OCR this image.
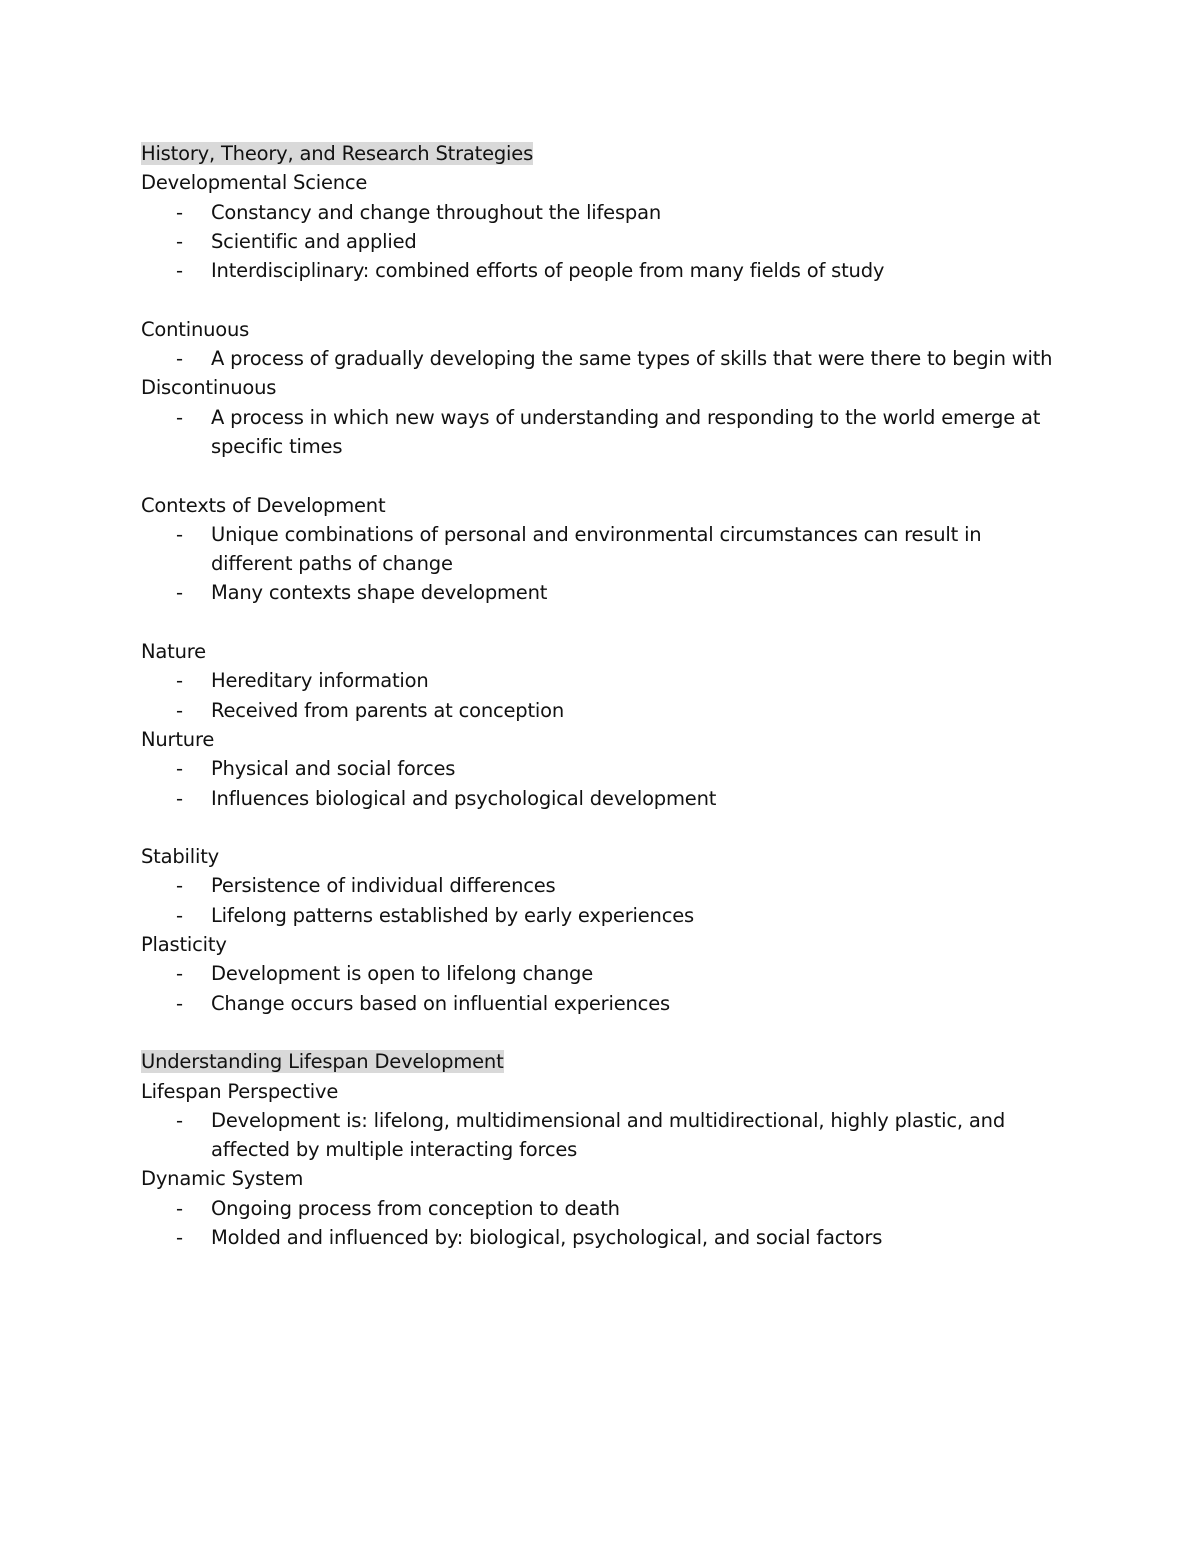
History, Theory, and Research Strategies

Developmental Science

- Constancy and change throughout the lifespan
- Scientific and applied
- Interdisciplinary: combined efforts of people from many fields of study

Continuous

- A process of gradually developing the same types of skills that were there to begin with

Discontinuous

- A process in which new ways of understanding and responding to the world emerge at specific times

Contexts of Development

- Unique combinations of personal and environmental circumstances can result in different paths of change
- Many contexts shape development

Nature

- Hereditary information
- Received from parents at conception

Nurture

- Physical and social forces
- Influences biological and psychological development

Stability

- Persistence of individual differences
- Lifelong patterns established by early experiences

Plasticity

- Development is open to lifelong change
- Change occurs based on influential experiences

Understanding Lifespan Development

Lifespan Perspective

- Development is: lifelong, multidimensional and multidirectional, highly plastic, and affected by multiple interacting forces

Dynamic System

- Ongoing process from conception to death
- Molded and influenced by: biological, psychological, and social factors
